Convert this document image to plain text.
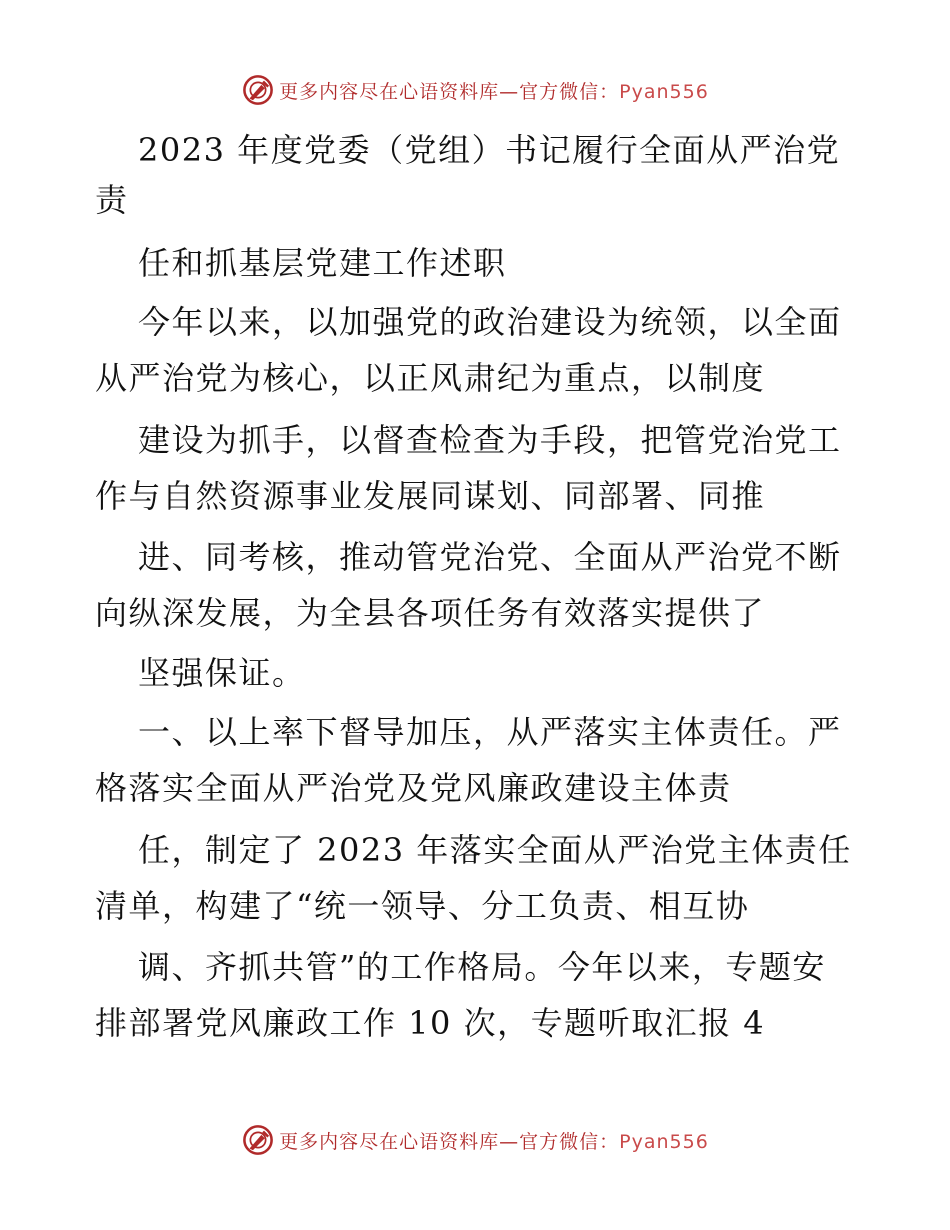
更多内容尽在心语资料库—官方微信：Pyan556
2023 年度党委（党组）书记履行全面从严治党
责
任和抓基层党建工作述职
今年以来，以加强党的政治建设为统领，以全面
从严治党为核心，以正风肃纪为重点，以制度
建设为抓手，以督查检查为手段，把管党治党工
作与自然资源事业发展同谋划、同部署、同推
进、同考核，推动管党治党、全面从严治党不断
向纵深发展，为全县各项任务有效落实提供了
坚强保证。
一、以上率下督导加压，从严落实主体责任。严
格落实全面从严治党及党风廉政建设主体责
任，制定了 2023 年落实全面从严治党主体责任
清单，构建了“统一领导、分工负责、相互协
调、齐抓共管”的工作格局。今年以来，专题安
排部署党风廉政工作 10 次，专题听取汇报 4
更多内容尽在心语资料库—官方微信：Pyan556
